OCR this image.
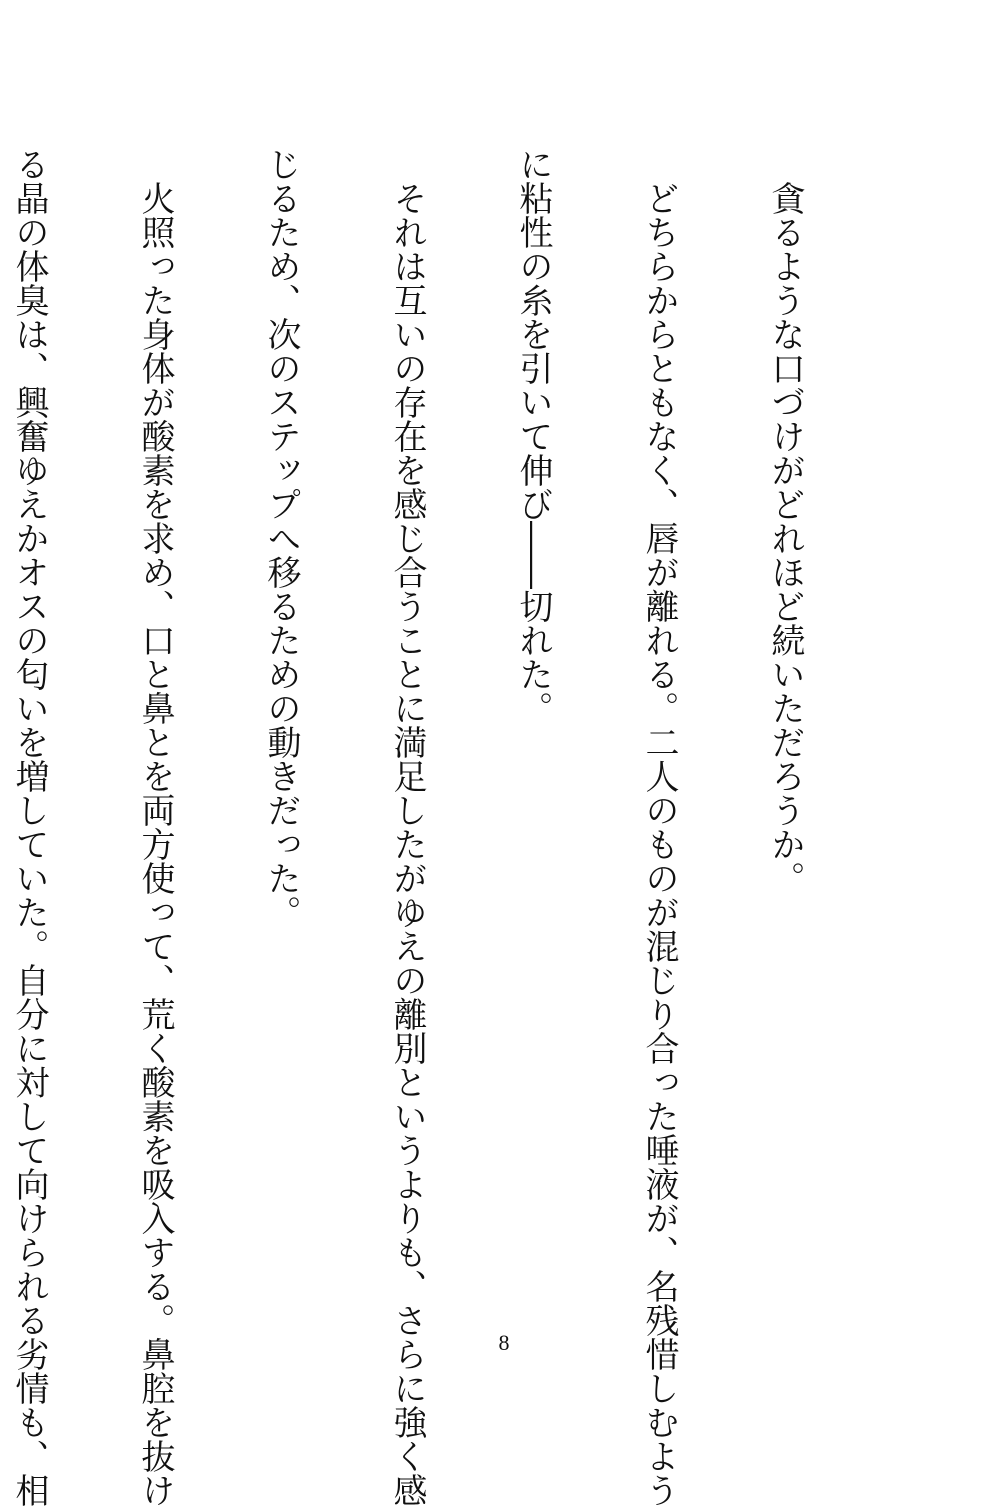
　貪るような口づけがどれほど続いただろうか。

　どちらからともなく、唇が離れる。二人のものが混じり合った唾液が、名残惜しむよう

に粘性の糸を引いて伸び――切れた。

　それは互いの存在を感じ合うことに満足したがゆえの離別というよりも、さらに強く感

じるため、次のステップへ移るための動きだった。

　火照った身体が酸素を求め、口と鼻とを両方使って、荒く酸素を吸入する。鼻腔を抜け

る晶の体臭は、興奮ゆえかオスの匂いを増していた。自分に対して向けられる劣情も、相

	8
